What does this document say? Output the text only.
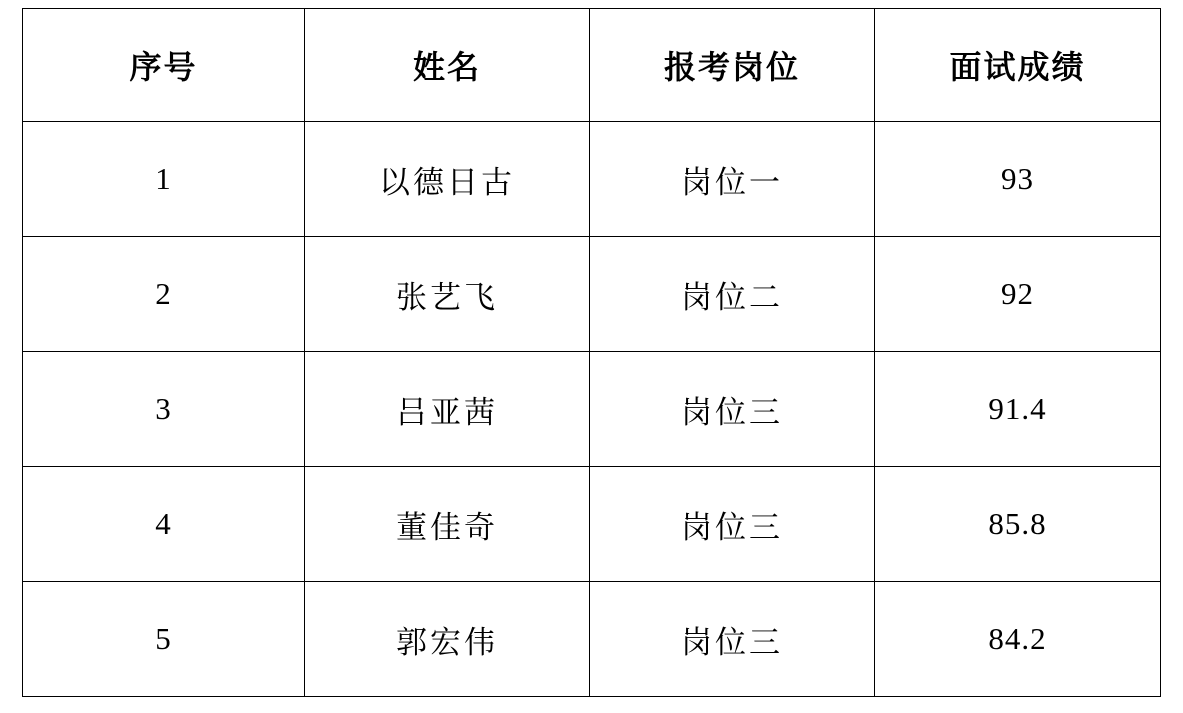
序号	姓名	报考岗位	面试成绩
1	以德日古	岗位一	93
2	张艺飞	岗位二	92
3	吕亚茜	岗位三	91.4
4	董佳奇	岗位三	85.8
5	郭宏伟	岗位三	84.2
